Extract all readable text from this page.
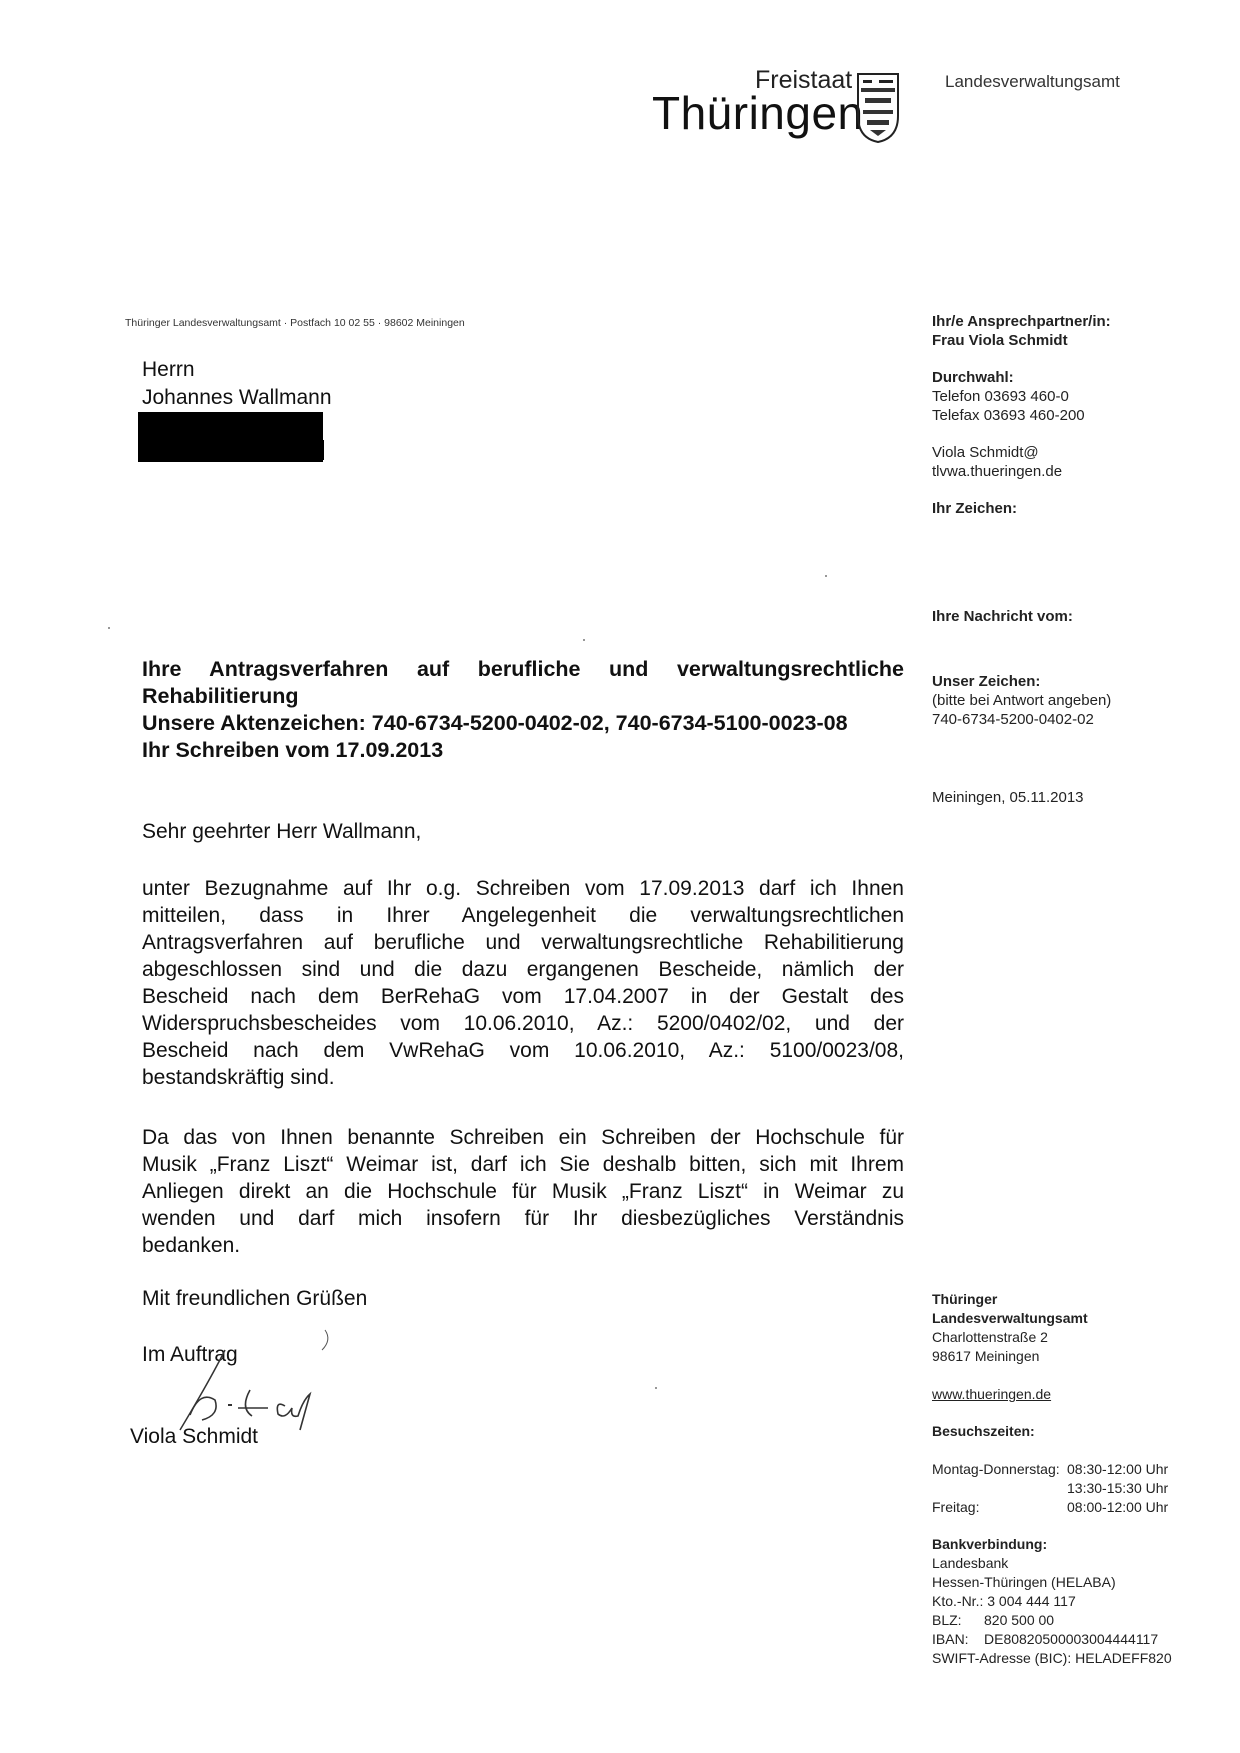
Freistaat
Thüringen
Landesverwaltungsamt
Thüringer Landesverwaltungsamt · Postfach 10 02 55 · 98602 Meiningen
Herrn
Johannes Wallmann
Ihr/e Ansprechpartner/in:
Frau Viola Schmidt
Durchwahl:
Telefon 03693 460-0
Telefax 03693 460-200
Viola Schmidt@
tlvwa.thueringen.de
Ihr Zeichen:
Ihre Nachricht vom:
Unser Zeichen:
(bitte bei Antwort angeben)
740-6734-5200-0402-02
Meiningen, 05.11.2013
Ihre Antragsverfahren auf berufliche und verwaltungsrechtliche
Rehabilitierung
Unsere Aktenzeichen: 740-6734-5200-0402-02, 740-6734-5100-0023-08
Ihr Schreiben vom 17.09.2013
Sehr geehrter Herr Wallmann,
unter Bezugnahme auf Ihr o.g. Schreiben vom 17.09.2013 darf ich Ihnen
mitteilen, dass in Ihrer Angelegenheit die verwaltungsrechtlichen
Antragsverfahren auf berufliche und verwaltungsrechtliche Rehabilitierung
abgeschlossen sind und die dazu ergangenen Bescheide, nämlich der
Bescheid nach dem BerRehaG vom 17.04.2007 in der Gestalt des
Widerspruchsbescheides vom 10.06.2010, Az.: 5200/0402/02, und der
Bescheid nach dem VwRehaG vom 10.06.2010, Az.: 5100/0023/08,
bestandskräftig sind.
Da das von Ihnen benannte Schreiben ein Schreiben der Hochschule für
Musik „Franz Liszt“ Weimar ist, darf ich Sie deshalb bitten, sich mit Ihrem
Anliegen direkt an die Hochschule für Musik „Franz Liszt“ in Weimar zu
wenden und darf mich insofern für Ihr diesbezügliches Verständnis
bedanken.
Mit freundlichen Grüßen
Im Auftrag
Viola Schmidt
Thüringer
Landesverwaltungsamt
Charlottenstraße 2
98617 Meiningen
www.thueringen.de
Besuchszeiten:
Montag-Donnerstag: 08:30-12:00 Uhr
13:30-15:30 Uhr
Freitag:	08:00-12:00 Uhr
Bankverbindung:
Landesbank
Hessen-Thüringen (HELABA)
Kto.-Nr.: 3 004 444 117
BLZ:	820 500 00
IBAN:	DE80820500003004444117
SWIFT-Adresse (BIC): HELADEFF820
